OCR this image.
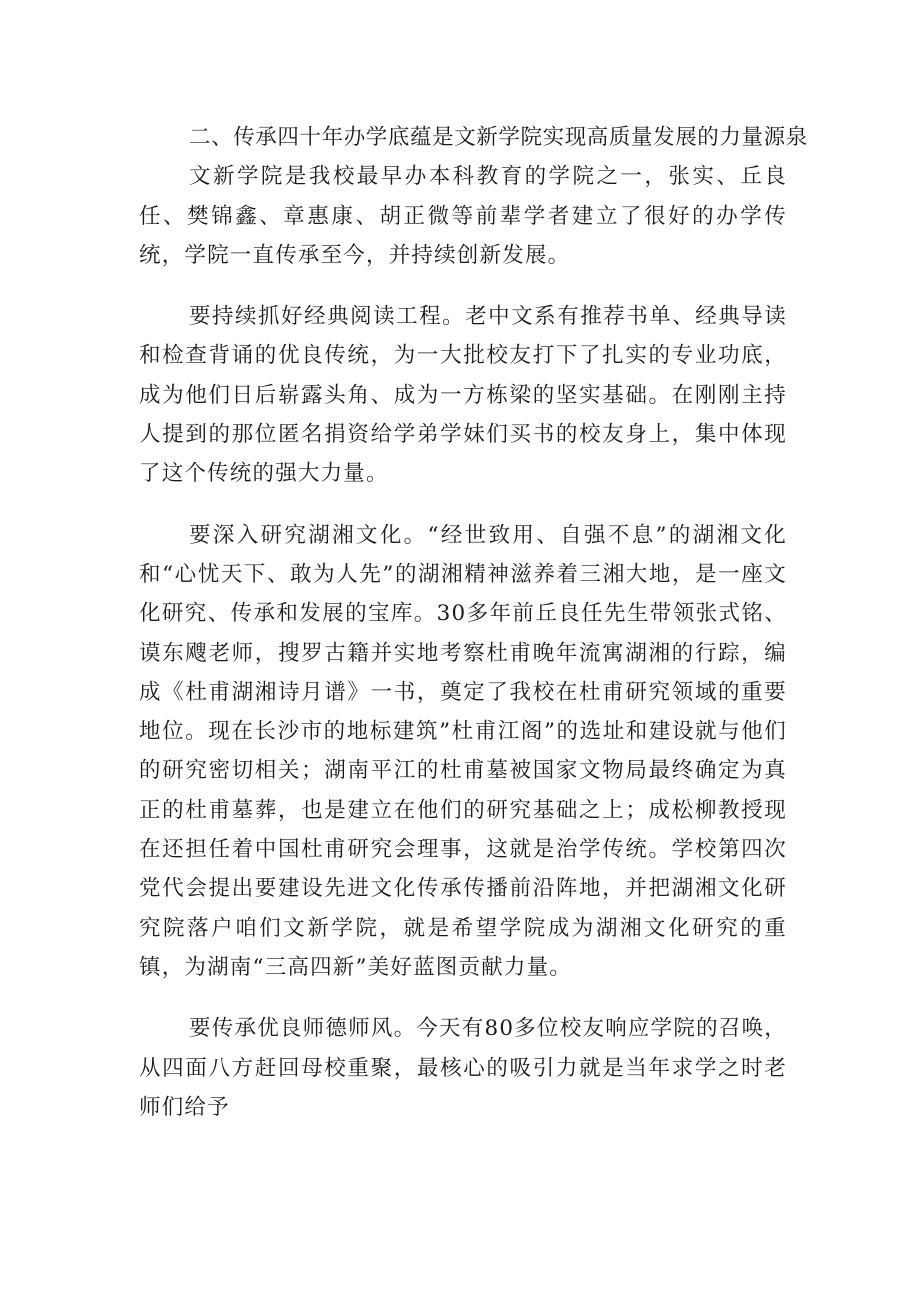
二、传承四十年办学底蕴是文新学院实现高质量发展的力量源泉

文新学院是我校最早办本科教育的学院之一，张实、丘良任、樊锦鑫、章惠康、胡正微等前辈学者建立了很好的办学传统，学院一直传承至今，并持续创新发展。

要持续抓好经典阅读工程。老中文系有推荐书单、经典导读和检查背诵的优良传统，为一大批校友打下了扎实的专业功底，成为他们日后崭露头角、成为一方栋梁的坚实基础。在刚刚主持人提到的那位匿名捐资给学弟学妹们买书的校友身上，集中体现了这个传统的强大力量。

要深入研究湖湘文化。“经世致用、自强不息”的湖湘文化和“心忧天下、敢为人先”的湖湘精神滋养着三湘大地，是一座文化研究、传承和发展的宝库。30多年前丘良任先生带领张式铭、谟东飕老师，搜罗古籍并实地考察杜甫晚年流寓湖湘的行踪，编成《杜甫湖湘诗月谱》一书，奠定了我校在杜甫研究领域的重要地位。现在长沙市的地标建筑”杜甫江阁”的选址和建设就与他们的研究密切相关；湖南平江的杜甫墓被国家文物局最终确定为真正的杜甫墓葬，也是建立在他们的研究基础之上；成松柳教授现在还担任着中国杜甫研究会理事，这就是治学传统。学校第四次党代会提出要建设先进文化传承传播前沿阵地，并把湖湘文化研究院落户咱们文新学院，就是希望学院成为湖湘文化研究的重镇，为湖南“三高四新”美好蓝图贡献力量。

要传承优良师德师风。今天有80多位校友响应学院的召唤，从四面八方赶回母校重聚，最核心的吸引力就是当年求学之时老师们给予
